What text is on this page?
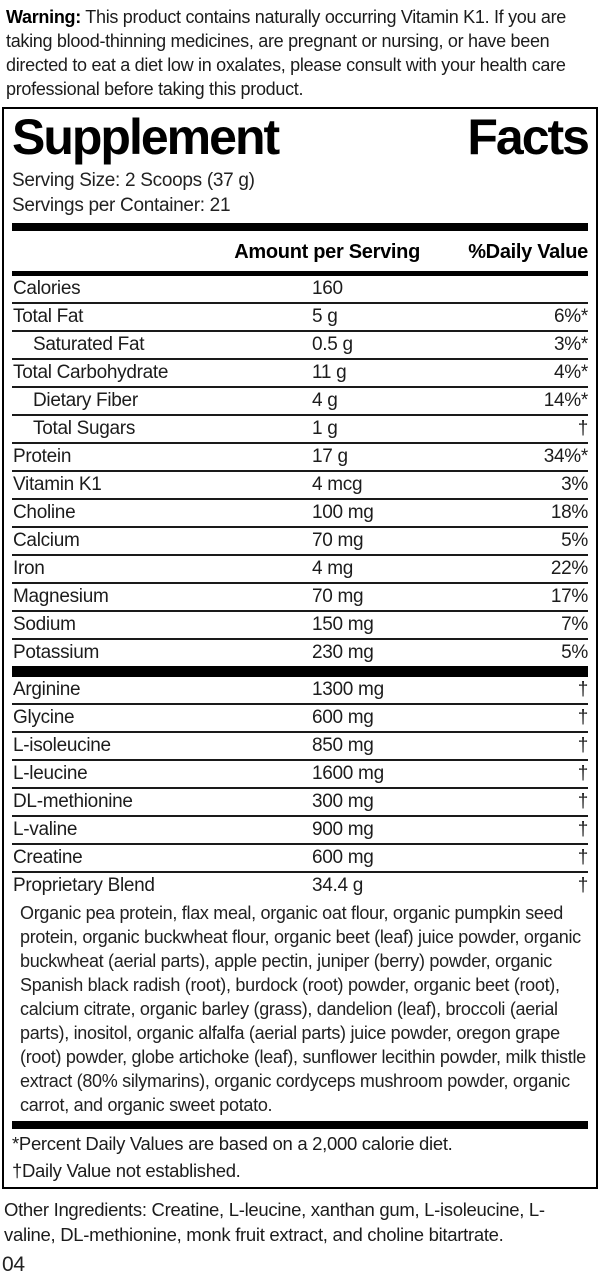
Warning: This product contains naturally occurring Vitamin K1. If you are taking blood-thinning medicines, are pregnant or nursing, or have been directed to eat a diet low in oxalates, please consult with your health care professional before taking this product.

Supplement	Facts
Serving Size: 2 Scoops (37 g)
Servings per Container: 21
Amount per Serving %Daily Value
Calories	160
Total Fat	5 g	6%*
Saturated Fat	0.5 g	3%*
Total Carbohydrate	11 g	4%*
Dietary Fiber	4 g	14%*
Total Sugars	1 g	†
Protein	17 g	34%*
Vitamin K1	4 mcg	3%
Choline	100 mg	18%
Calcium	70 mg	5%
Iron	4 mg	22%
Magnesium	70 mg	17%
Sodium	150 mg	7%
Potassium	230 mg	5%
Arginine	1300 mg	†
Glycine	600 mg	†
L-isoleucine	850 mg	†
L-leucine	1600 mg	†
DL-methionine	300 mg	†
L-valine	900 mg	†
Creatine	600 mg	†
Proprietary Blend	34.4 g	†

Organic pea protein, flax meal, organic oat flour, organic pumpkin seed protein, organic buckwheat flour, organic beet (leaf) juice powder, organic buckwheat (aerial parts), apple pectin, juniper (berry) powder, organic Spanish black radish (root), burdock (root) powder, organic beet (root), calcium citrate, organic barley (grass), dandelion (leaf), broccoli (aerial parts), inositol, organic alfalfa (aerial parts) juice powder, oregon grape (root) powder, globe artichoke (leaf), sunflower lecithin powder, milk thistle extract (80% silymarins), organic cordyceps mushroom powder, organic carrot, and organic sweet potato.

*Percent Daily Values are based on a 2,000 calorie diet.

†Daily Value not established.

Other Ingredients: Creatine, L-leucine, xanthan gum, L-isoleucine, L-valine, DL-methionine, monk fruit extract, and choline bitartrate.

04
